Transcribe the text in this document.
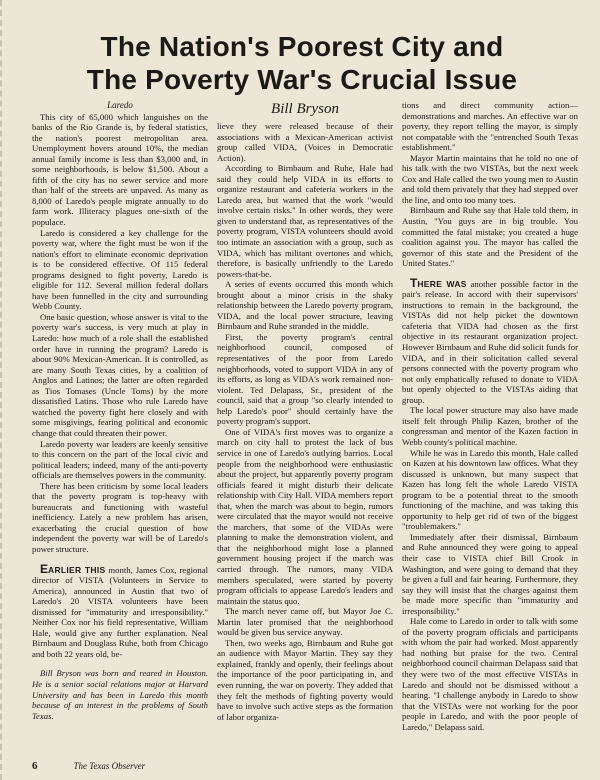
The Nation's Poorest City and
The Poverty War's Crucial Issue
Laredo

This city of 65,000 which languishes on the banks of the Rio Grande is, by federal statistics, the nation's poorest metropolitan area. Unemployment hovers around 10%, the median annual family income is less than $3,000 and, in some neighborhoods, is below $1,500. About a fifth of the city has no sewer service and more than half of the streets are unpaved. As many as 8,000 of Laredo's people migrate annually to do farm work. Illiteracy plagues one-sixth of the populace.

Laredo is considered a key challenge for the poverty war, where the fight must be won if the nation's effort to eliminate economic deprivation is to be considered effective. Of 115 federal programs designed to fight poverty, Laredo is eligible for 112. Several million federal dollars have been funnelled in the city and surrounding Webb County.

One basic question, whose answer is vital to the poverty war's success, is very much at play in Laredo: how much of a role shall the established order have in running the program? Laredo is about 90% Mexican-American. It is controlled, as are many South Texas cities, by a coalition of Anglos and Latinos; the latter are often regarded as Tios Tomases (Uncle Toms) by the more dissatisfied Latins. Those who rule Laredo have watched the poverty fight here closely and with some misgivings, fearing political and economic change that could threaten their power.

Laredo poverty war leaders are keenly sensitive to this concern on the part of the local civic and political leaders; indeed, many of the anti-poverty officials are themselves powers in the community.

There has been criticism by some local leaders that the poverty program is top-heavy with bureaucrats and functioning with wasteful inefficiency. Lately a new problem has arisen, exacerbating the crucial question of how independent the poverty war will be of Laredo's power structure.

EARLIER THIS month, James Cox, regional director of VISTA (Volunteers in Service to America), announced in Austin that two of Laredo's 20 VISTA volunteers have been dismissed for "immaturity and irresponsibility." Neither Cox nor his field representative, William Hale, would give any further explanation. Neal Birnbaum and Douglass Ruhe, both from Chicago and both 22 years old, be-

Bill Bryson was born and reared in Houston. He is a senior social relations major at Harvard University and has been in Laredo this month because of an interest in the problems of South Texas.

Bill Bryson

lieve they were released because of their associations with a Mexican-American activist group called VIDA, (Voices in Democratic Action).

According to Birnbaum and Ruhe, Hale had said they could help VIDA in its efforts to organize restaurant and cafeteria workers in the Laredo area, but warned that the work "would involve certain risks." In other words, they were given to understand that, as representatives of the poverty program, VISTA volunteers should avoid too intimate an association with a group, such as VIDA, which has militant overtones and which, therefore, is basically unfriendly to the Laredo powers-that-be.

A series of events occurred this month which brought about a minor crisis in the shaky relationship between the Laredo poverty program, VIDA, and the local power structure, leaving Birnbaum and Ruhe stranded in the middle.

First, the poverty program's central neighborhood council, composed of representatives of the poor from Laredo neighborhoods, voted to support VIDA in any of its efforts, as long as VIDA's work remained non-violent. Ted Delapass, Sr., president of the council, said that a group "so clearly intended to help Laredo's poor" should certainly have the poverty program's support.

One of VIDA's first moves was to organize a march on city hall to protest the lack of bus service in one of Laredo's outlying barrios. Local people from the neighborhood were enthusiastic about the project, but apparently poverty program officials feared it might disturb their delicate relationship with City Hall. VIDA members report that, when the march was about to begin, rumors were circulated that the mayor would not receive the marchers, that some of the VIDAs were planning to make the demonstration violent, and that the neighborhood might lose a planned government housing project if the march was carried through. The rumors, many VIDA members speculated, were started by poverty program officials to appease Laredo's leaders and maintain the status quo.

The march never came off, but Mayor Joe C. Martin later promised that the neighborhood would be given bus service anyway.

Then, two weeks ago, Birnbaum and Ruhe got an audience with Mayor Martin. They say they explained, frankly and openly, their feelings about the importance of the poor participating in, and even running, the war on poverty. They added that they felt the methods of fighting poverty would have to involve such active steps as the formation of labor organiza-

tions and direct community action—demonstrations and marches. An effective war on poverty, they report telling the mayor, is simply not compatable with the "entrenched South Texas establishment."

Mayor Martin maintains that he told no one of his talk with the two VISTAs, but the next week Cox and Hale called the two young men to Austin and told them privately that they had stepped over the line, and onto too many toes.

Birnbaum and Ruhe say that Hale told them, in Austin, "You guys are in big trouble. You committed the fatal mistake; you created a huge coalition against you. The mayor has called the governor of this state and the President of the United States."

THERE WAS another possible factor in the pair's release. In accord with their supervisors' instructions to remain in the background, the VISTAs did not help picket the downtown cafeteria that VIDA had chosen as the first objective in its restaurant organization project. However Birnbaum and Ruhe did solicit funds for VIDA, and in their solicitation called several persons connected with the poverty program who not only emphatically refused to donate to VIDA but openly objected to the VISTAs aiding that group.

The local power structure may also have made itself felt through Philip Kazen, brother of the congressman and mentor of the Kazen faction in Webb county's political machine.

While he was in Laredo this month, Hale called on Kazen at his downtown law offices. What they discussed is unknown, but many suspect that Kazen has long felt the whole Laredo VISTA program to be a potential threat to the smooth functioning of the machine, and was taking this opportunity to help get rid of two of the biggest "troublemakers."

Immediately after their dismissal, Birnbaum and Ruhe announced they were going to appeal their case to VISTA chief Bill Crook in Washington, and were going to demand that they be given a full and fair hearing. Furthermore, they say they will insist that the charges against them be made more specific than "immaturity and irresponsibility."

Hale come to Laredo in order to talk with some of the poverty program officials and participants with whom the pair had worked. Most apparently had nothing but praise for the two. Central neighborhood council chairman Delapass said that they were two of the most effective VISTAs in Laredo and should not be dismissed without a hearing. "I challenge anybody in Laredo to show that the VISTAs were not working for the poor people in Laredo, and with the poor people of Laredo," Delapass said.

6	The Texas Observer
